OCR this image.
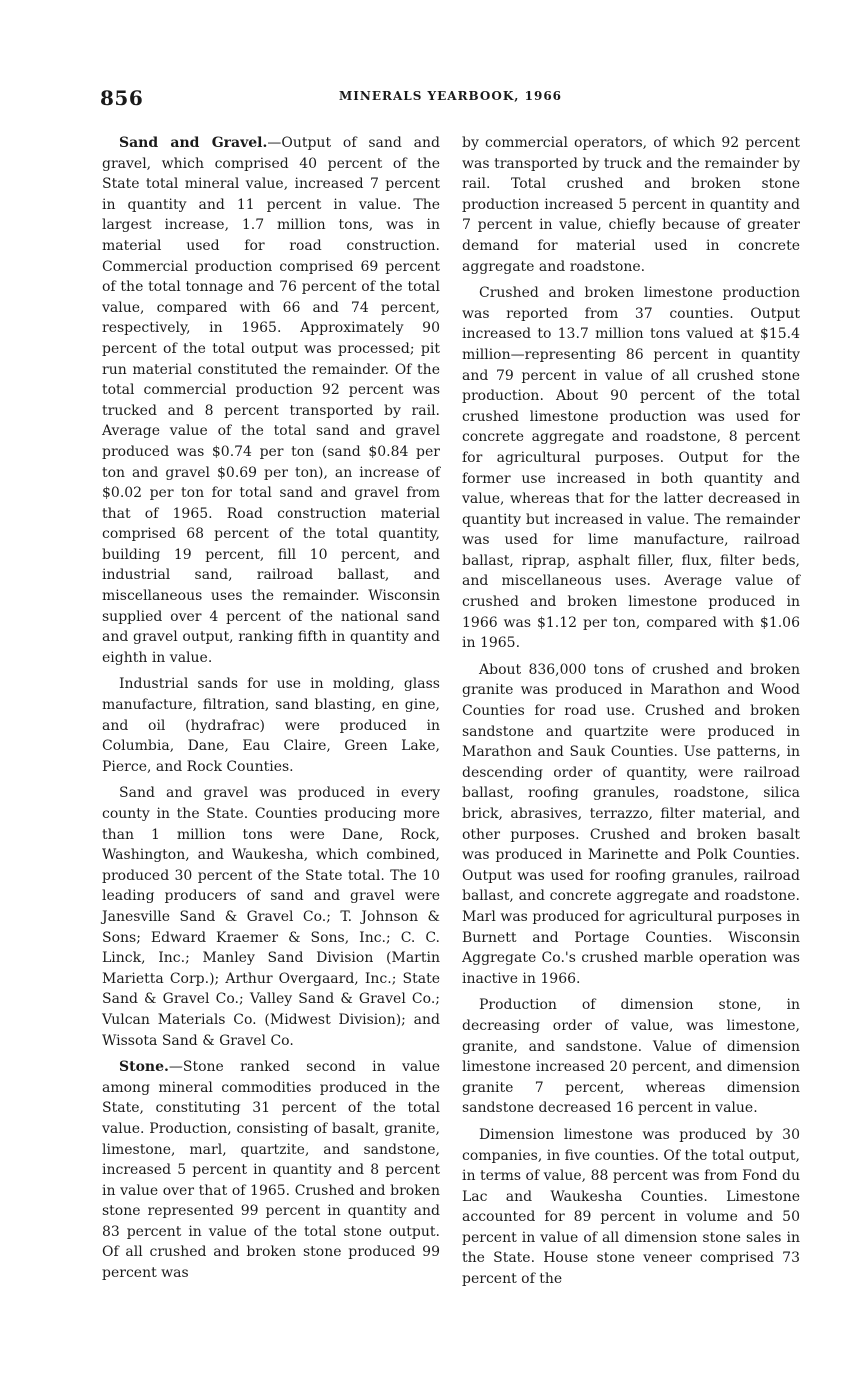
856	MINERALS YEARBOOK, 1966

Sand and Gravel.—Output of sand and gravel, which comprised 40 percent of the State total mineral value, increased 7 percent in quantity and 11 percent in value. The largest increase, 1.7 million tons, was in material used for road construction. Commercial production comprised 69 percent of the total tonnage and 76 percent of the total value, compared with 66 and 74 percent, respectively, in 1965. Approximately 90 percent of the total output was processed; pit run material constituted the remainder. Of the total commercial production 92 percent was trucked and 8 percent transported by rail. Average value of the total sand and gravel produced was $0.74 per ton (sand $0.84 per ton and gravel $0.69 per ton), an increase of $0.02 per ton for total sand and gravel from that of 1965. Road construction material comprised 68 percent of the total quantity, building 19 percent, fill 10 percent, and industrial sand, railroad ballast, and miscellaneous uses the remainder. Wisconsin supplied over 4 percent of the national sand and gravel output, ranking fifth in quantity and eighth in value.

Industrial sands for use in molding, glass manufacture, filtration, sand blasting, en gine, and oil (hydrafrac) were produced in Columbia, Dane, Eau Claire, Green Lake, Pierce, and Rock Counties.

Sand and gravel was produced in every county in the State. Counties producing more than 1 million tons were Dane, Rock, Washington, and Waukesha, which combined, produced 30 percent of the State total. The 10 leading producers of sand and gravel were Janesville Sand & Gravel Co.; T. Johnson & Sons; Edward Kraemer & Sons, Inc.; C. C. Linck, Inc.; Manley Sand Division (Martin Marietta Corp.); Arthur Overgaard, Inc.; State Sand & Gravel Co.; Valley Sand & Gravel Co.; Vulcan Materials Co. (Midwest Division); and Wissota Sand & Gravel Co.

Stone.—Stone ranked second in value among mineral commodities produced in the State, constituting 31 percent of the total value. Production, consisting of basalt, granite, limestone, marl, quartzite, and sandstone, increased 5 percent in quantity and 8 percent in value over that of 1965. Crushed and broken stone represented 99 percent in quantity and 83 percent in value of the total stone output. Of all crushed and broken stone produced 99 percent was

by commercial operators, of which 92 percent was transported by truck and the remainder by rail. Total crushed and broken stone production increased 5 percent in quantity and 7 percent in value, chiefly because of greater demand for material used in concrete aggregate and roadstone.

Crushed and broken limestone production was reported from 37 counties. Output increased to 13.7 million tons valued at $15.4 million—representing 86 percent in quantity and 79 percent in value of all crushed stone production. About 90 percent of the total crushed limestone production was used for concrete aggregate and roadstone, 8 percent for agricultural purposes. Output for the former use increased in both quantity and value, whereas that for the latter decreased in quantity but increased in value. The remainder was used for lime manufacture, railroad ballast, riprap, asphalt filler, flux, filter beds, and miscellaneous uses. Average value of crushed and broken limestone produced in 1966 was $1.12 per ton, compared with $1.06 in 1965.

About 836,000 tons of crushed and broken granite was produced in Marathon and Wood Counties for road use. Crushed and broken sandstone and quartzite were produced in Marathon and Sauk Counties. Use patterns, in descending order of quantity, were railroad ballast, roofing granules, roadstone, silica brick, abrasives, terrazzo, filter material, and other purposes. Crushed and broken basalt was produced in Marinette and Polk Counties. Output was used for roofing granules, railroad ballast, and concrete aggregate and roadstone. Marl was produced for agricultural purposes in Burnett and Portage Counties. Wisconsin Aggregate Co.'s crushed marble operation was inactive in 1966.

Production of dimension stone, in decreasing order of value, was limestone, granite, and sandstone. Value of dimension limestone increased 20 percent, and dimension granite 7 percent, whereas dimension sandstone decreased 16 percent in value.

Dimension limestone was produced by 30 companies, in five counties. Of the total output, in terms of value, 88 percent was from Fond du Lac and Waukesha Counties. Limestone accounted for 89 percent in volume and 50 percent in value of all dimension stone sales in the State. House stone veneer comprised 73 percent of the
